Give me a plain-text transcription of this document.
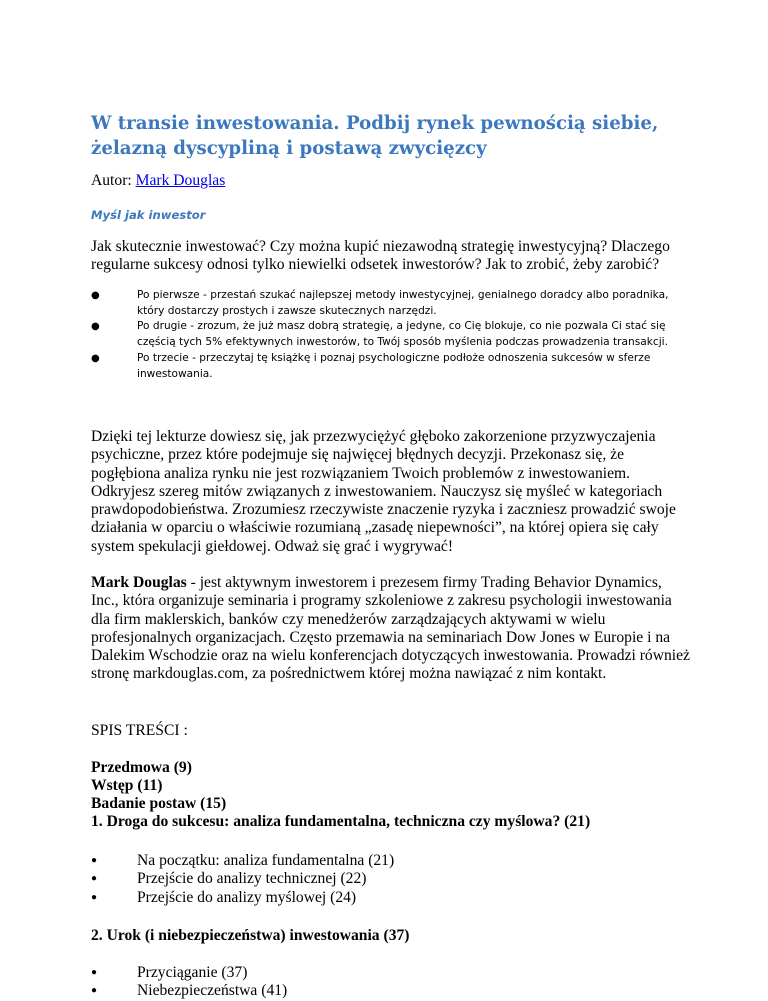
W transie inwestowania. Podbij rynek pewnością siebie, żelazną dyscypliną i postawą zwycięzcy
Autor: Mark Douglas
Myśl jak inwestor

Jak skutecznie inwestować? Czy można kupić niezawodną strategię inwestycyjną? Dlaczego regularne sukcesy odnosi tylko niewielki odsetek inwestorów? Jak to zrobić, żeby zarobić?

●	Po pierwsze - przestań szukać najlepszej metody inwestycyjnej, genialnego doradcy albo poradnika, który dostarczy prostych i zawsze skutecznych narzędzi.
●	Po drugie - zrozum, że już masz dobrą strategię, a jedyne, co Cię blokuje, co nie pozwala Ci stać się częścią tych 5% efektywnych inwestorów, to Twój sposób myślenia podczas prowadzenia transakcji.
●	Po trzecie - przeczytaj tę książkę i poznaj psychologiczne podłoże odnoszenia sukcesów w sferze inwestowania.

Dzięki tej lekturze dowiesz się, jak przezwyciężyć głęboko zakorzenione przyzwyczajenia psychiczne, przez które podejmuje się najwięcej błędnych decyzji. Przekonasz się, że pogłębiona analiza rynku nie jest rozwiązaniem Twoich problemów z inwestowaniem. Odkryjesz szereg mitów związanych z inwestowaniem. Nauczysz się myśleć w kategoriach prawdopodobieństwa. Zrozumiesz rzeczywiste znaczenie ryzyka i zaczniesz prowadzić swoje działania w oparciu o właściwie rozumianą „zasadę niepewności”, na której opiera się cały system spekulacji giełdowej. Odważ się grać i wygrywać!

Mark Douglas - jest aktywnym inwestorem i prezesem firmy Trading Behavior Dynamics, Inc., która organizuje seminaria i programy szkoleniowe z zakresu psychologii inwestowania dla firm maklerskich, banków czy menedżerów zarządzających aktywami w wielu profesjonalnych organizacjach. Często przemawia na seminariach Dow Jones w Europie i na Dalekim Wschodzie oraz na wielu konferencjach dotyczących inwestowania. Prowadzi również stronę markdouglas.com, za pośrednictwem której można nawiązać z nim kontakt.

SPIS TREŚCI :

Przedmowa (9)
Wstęp (11)
Badanie postaw (15)
1. Droga do sukcesu: analiza fundamentalna, techniczna czy myślowa? (21)
●	Na początku: analiza fundamentalna (21)
●	Przejście do analizy technicznej (22)
●	Przejście do analizy myślowej (24)
2. Urok (i niebezpieczeństwa) inwestowania (37)
●	Przyciąganie (37)
●	Niebezpieczeństwa (41)
